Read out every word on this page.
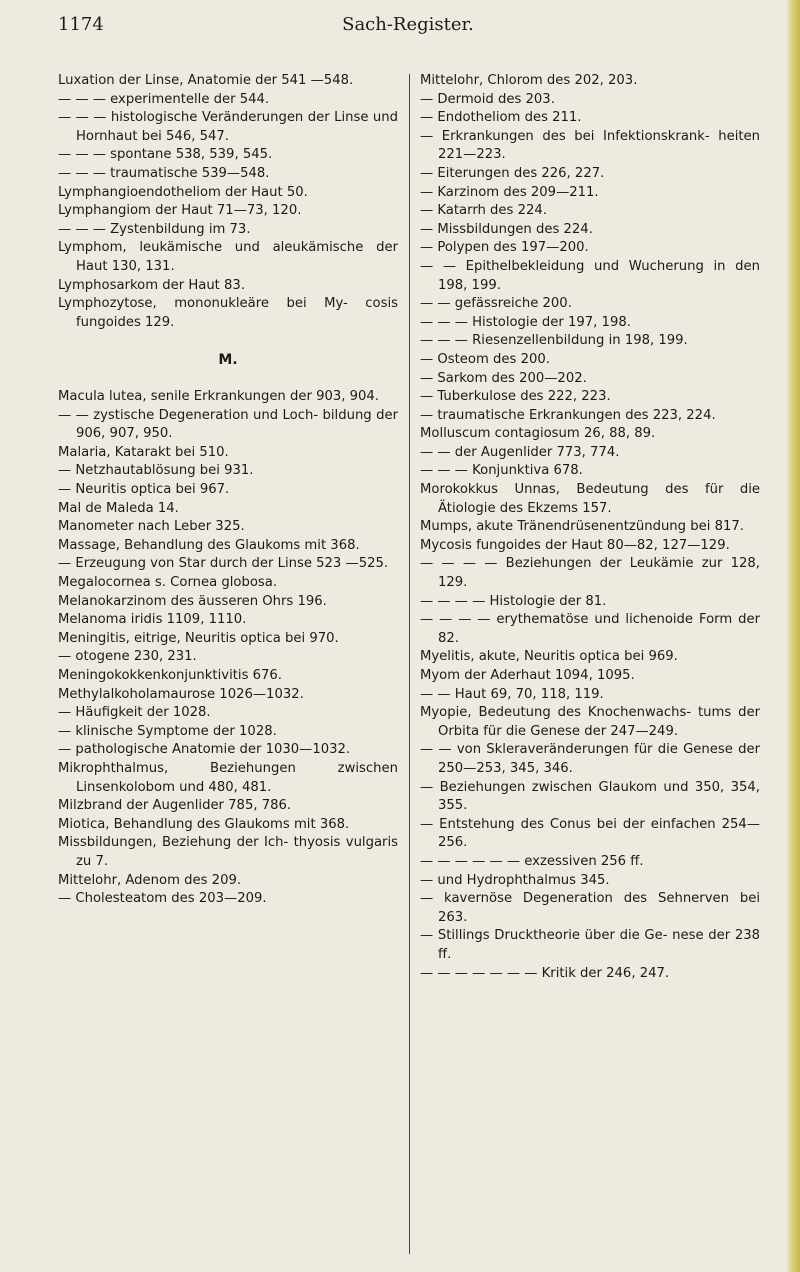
1174	Sach-Register.
Luxation der Linse, Anatomie der 541 —548.
— — — experimentelle der 544.
— — — histologische Veränderungen der Linse und Hornhaut bei 546, 547.
— — — spontane 538, 539, 545.
— — — traumatische 539—548.
Lymphangioendotheliom der Haut 50.
Lymphangiom der Haut 71—73, 120.
— — — Zystenbildung im 73.
Lymphom, leukämische und aleukämische der Haut 130, 131.
Lymphosarkom der Haut 83.
Lymphozytose, mononukleäre bei My- cosis fungoides 129.
M.
Macula lutea, senile Erkrankungen der 903, 904.
— — zystische Degeneration und Loch- bildung der 906, 907, 950.
Malaria, Katarakt bei 510.
— Netzhautablösung bei 931.
— Neuritis optica bei 967.
Mal de Maleda 14.
Manometer nach Leber 325.
Massage, Behandlung des Glaukoms mit 368.
— Erzeugung von Star durch der Linse 523 —525.
Megalocornea s. Cornea globosa.
Melanokarzinom des äusseren Ohrs 196.
Melanoma iridis 1109, 1110.
Meningitis, eitrige, Neuritis optica bei 970.
— otogene 230, 231.
Meningokokkenkonjunktivitis 676.
Methylalkoholamaurose 1026—1032.
— Häufigkeit der 1028.
— klinische Symptome der 1028.
— pathologische Anatomie der 1030—1032.
Mikrophthalmus, Beziehungen zwischen Linsenkolobom und 480, 481.
Milzbrand der Augenlider 785, 786.
Miotica, Behandlung des Glaukoms mit 368.
Missbildungen, Beziehung der Ich- thyosis vulgaris zu 7.
Mittelohr, Adenom des 209.
— Cholesteatom des 203—209.
Mittelohr, Chlorom des 202, 203.
— Dermoid des 203.
— Endotheliom des 211.
— Erkrankungen des bei Infektionskrank- heiten 221—223.
— Eiterungen des 226, 227.
— Karzinom des 209—211.
— Katarrh des 224.
— Missbildungen des 224.
— Polypen des 197—200.
— — Epithelbekleidung und Wucherung in den 198, 199.
— — gefässreiche 200.
— — — Histologie der 197, 198.
— — — Riesenzellenbildung in 198, 199.
— Osteom des 200.
— Sarkom des 200—202.
— Tuberkulose des 222, 223.
— traumatische Erkrankungen des 223, 224.
Molluscum contagiosum 26, 88, 89.
— — der Augenlider 773, 774.
— — — Konjunktiva 678.
Morokokkus Unnas, Bedeutung des für die Ätiologie des Ekzems 157.
Mumps, akute Tränendrüsenentzündung bei 817.
Mycosis fungoides der Haut 80—82, 127—129.
— — — — Beziehungen der Leukämie zur 128, 129.
— — — — Histologie der 81.
— — — — erythematöse und lichenoide Form der 82.
Myelitis, akute, Neuritis optica bei 969.
Myom der Aderhaut 1094, 1095.
— — Haut 69, 70, 118, 119.
Myopie, Bedeutung des Knochenwachs- tums der Orbita für die Genese der 247—249.
— — von Skleraveränderungen für die Genese der 250—253, 345, 346.
— Beziehungen zwischen Glaukom und 350, 354, 355.
— Entstehung des Conus bei der einfachen 254—256.
— — — — — — exzessiven 256 ff.
— und Hydrophthalmus 345.
— kavernöse Degeneration des Sehnerven bei 263.
— Stillings Drucktheorie über die Ge- nese der 238 ff.
— — — — — — — Kritik der 246, 247.
